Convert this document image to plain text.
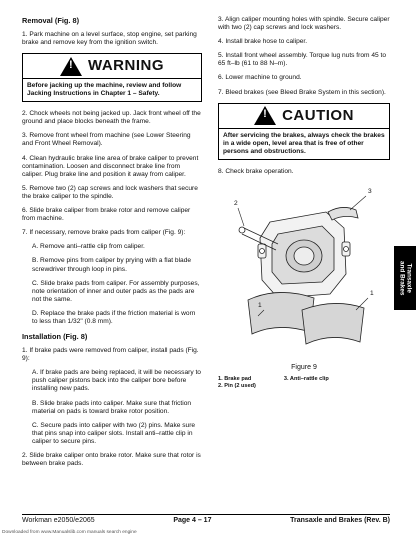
Removal (Fig. 8)

1. Park machine on a level surface, stop engine, set parking brake and remove key from the ignition switch.

! WARNING
Before jacking up the machine, review and follow Jacking Instructions in Chapter 1 – Safety.

2. Chock wheels not being jacked up. Jack front wheel off the ground and place blocks beneath the frame.

3. Remove front wheel from machine (see Lower Steering and Front Wheel Removal).

4. Clean hydraulic brake line area of brake caliper to prevent contamination. Loosen and disconnect brake line from caliper. Plug brake line and position it away from caliper.

5. Remove two (2) cap screws and lock washers that secure the brake caliper to the spindle.

6. Slide brake caliper from brake rotor and remove caliper from machine.

7. If necessary, remove brake pads from caliper (Fig. 9):

A. Remove anti–rattle clip from caliper.

B. Remove pins from caliper by prying with a flat blade screwdriver through loop in pins.

C. Slide brake pads from caliper. For assembly purposes, note orientation of inner and outer pads as the pads are not the same.

D. Replace the brake pads if the friction material is worn to less than 1/32" (0.8 mm).

Installation (Fig. 8)

1. If brake pads were removed from caliper, install pads (Fig. 9):

A. If brake pads are being replaced, it will be necessary to push caliper pistons back into the caliper bore before installing new pads.

B. Slide brake pads into caliper. Make sure that friction material on pads is toward brake rotor position.

C. Secure pads into caliper with two (2) pins. Make sure that pins snap into caliper slots. Install anti–rattle clip in caliper to secure pins.

2. Slide brake caliper onto brake rotor. Make sure that rotor is between brake pads.

3. Align caliper mounting holes with spindle. Secure caliper with two (2) cap screws and lock washers.

4. Install brake hose to caliper.

5. Install front wheel assembly. Torque lug nuts from 45 to 65 ft–lb (61 to 88 N–m).

6. Lower machine to ground.

7. Bleed brakes (see Bleed Brake System in this section).

! CAUTION
After servicing the brakes, always check the brakes in a wide open, level area that is free of other persons and obstructions.

8. Check brake operation.

3
2
1
1
Figure 9
1. Brake pad
2. Pin (2 used)
3. Anti–rattle clip
Transaxle
and Brakes
Workman e2050/e2065	Page 4 – 17	Transaxle and Brakes (Rev. B)
Downloaded from www.Manualslib.com manuals search engine
